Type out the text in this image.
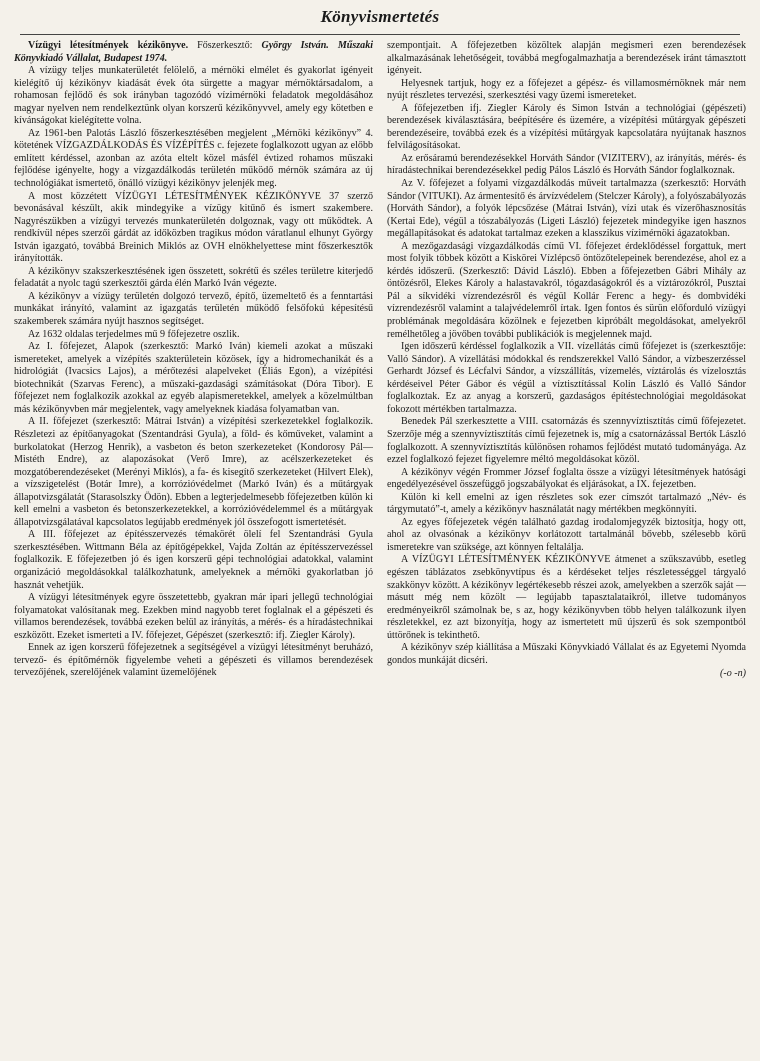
Könyvismertetés

Vízügyi létesítmények kézikönyve. Főszerkesztő: György István. Műszaki Könyvkiadó Vállalat, Budapest 1974.

A vízügy teljes munkaterületét felölelő, a mérnöki elmélet és gyakorlat igényeit kielégítő új kézikönyv kiadását évek óta sürgette a magyar mérnöktársadalom, a rohamosan fejlődő és sok irányban tagozódó vízimérnöki feladatok megoldásához magyar nyelven nem rendelkeztünk olyan korszerű kézikönyvvel, amely egy kötetben e kívánságokat kielégítette volna.

Az 1961-ben Palotás László főszerkesztésében megjelent „Mérnöki kézikönyv” 4. kötetének VÍZGAZDÁLKODÁS ÉS VÍZÉPÍTÉS c. fejezete foglalkozott ugyan az előbb említett kérdéssel, azonban az azóta eltelt közel másfél évtized rohamos műszaki fejlődése igényelte, hogy a vízgazdálkodás területén működő mérnök számára az új technológiákat ismertető, önálló vízügyi kézikönyv jelenjék meg.

A most közzétett VÍZÜGYI LÉTESÍTMÉNYEK KÉZIKÖNYVE 37 szerző bevonásával készült, akik mindegyike a vízügy kitűnő és ismert szakembere. Nagyrészükben a vízügyi tervezés munkaterületén dolgoznak, vagy ott működtek. A rendkívül népes szerzői gárdát az időközben tragikus módon váratlanul elhunyt György István igazgató, továbbá Breinich Miklós az OVH elnökhelyettese mint főszerkesztők irányították.

A kézikönyv szakszerkesztésének igen összetett, sokrétű és széles területre kiterjedő feladatát a nyolc tagú szerkesztői gárda élén Markó Iván végezte.

A kézikönyv a vízügy területén dolgozó tervező, építő, üzemeltető és a fenntartási munkákat irányító, valamint az igazgatás területén működő felsőfokú képesítésű szakemberek számára nyújt hasznos segítséget.

Az 1632 oldalas terjedelmes mű 9 főfejezetre oszlik.

Az I. főfejezet, Alapok (szerkesztő: Markó Iván) kiemeli azokat a műszaki ismereteket, amelyek a vízépítés szakterületein közösek, így a hidromechanikát és a hidrológiát (Ivacsics Lajos), a mérőtezési alapelveket (Éliás Egon), a vízépítési biotechnikát (Szarvas Ferenc), a műszaki-gazdasági számításokat (Dóra Tibor). E főfejezet nem foglalkozik azokkal az egyéb alapismeretekkel, amelyek a közelmúltban más kézikönyvben már megjelentek, vagy amelyeknek kiadása folyamatban van.

A II. főfejezet (szerkesztő: Mátrai István) a vízépítési szerkezetekkel foglalkozik. Részletezi az építőanyagokat (Szentandrási Gyula), a föld- és kőműveket, valamint a burkolatokat (Herzog Henrik), a vasbeton és beton szerkezeteket (Kondorosy Pál—Mistéth Endre), az alapozásokat (Verő Imre), az acélszerkezeteket és mozgatóberendezéseket (Merényi Miklós), a fa- és kisegítő szerkezeteket (Hilvert Elek), a vízszigetelést (Botár Imre), a korrózióvédelmet (Markó Iván) és a műtárgyak állapotvizsgálatát (Starasolszky Ödön). Ebben a legterjedelmesebb főfejezetben külön ki kell emelni a vasbeton és betonszerkezetekkel, a korrózióvédelemmel és a műtárgyak állapotvizsgálatával kapcsolatos legújabb eredmények jól összefogott ismertetését.

A III. főfejezet az építésszervezés témakörét ölelí fel Szentandrási Gyula szerkesztésében. Wittmann Béla az építőgépekkel, Vajda Zoltán az építésszervezéssel foglalkozik. E főfejezetben jó és igen korszerű gépi technológiai adatokkal, valamint organizáció megoldásokkal találkozhatunk, amelyeknek a mérnöki gyakorlatban jó hasznát vehetjük.

A vízügyi létesítmények egyre összetettebb, gyakran már ipari jellegű technológiai folyamatokat valósítanak meg. Ezekben mind nagyobb teret foglalnak el a gépészeti és villamos berendezések, továbbá ezeken belül az irányítás, a mérés- és a híradástechnikai eszközött. Ezeket ismerteti a IV. főfejezet, Gépészet (szerkesztő: ifj. Ziegler Károly).

Ennek az igen korszerű főfejezetnek a segítségével a vízügyi létesítményt beruházó, tervező- és építőmérnök figyelembe veheti a gépészeti és villamos berendezések tervezőjének, szerelőjének valamint üzemelőjének

szempontjait. A főfejezetben közöltek alapján megismeri ezen berendezések alkalmazásának lehetőségeit, továbbá megfogalmazhatja a berendezések iránt támasztott igényeit.

Helyesnek tartjuk, hogy ez a főfejezet a gépész- és villamosmérnöknek már nem nyújt részletes tervezési, szerkesztési vagy üzemi ismereteket.

A főfejezetben ifj. Ziegler Károly és Simon István a technológiai (gépészeti) berendezések kiválasztására, beépítésére és üzemére, a vízépítési műtárgyak gépészeti berendezéseire, továbbá ezek és a vízépítési műtárgyak kapcsolatára nyújtanak hasznos felvilágosításokat.

Az erősáramú berendezésekkel Horváth Sándor (VIZITERV), az irányítás, mérés- és híradástechnikai berendezésekkel pedig Pálos László és Horváth Sándor foglalkoznak.

Az V. főfejezet a folyami vízgazdálkodás műveit tartalmazza (szerkesztő: Horváth Sándor (VITUKI). Az ármentesítő és árvízvédelem (Stelczer Károly), a folyószabályozás (Horváth Sándor), a folyók lépcsőzése (Mátrai István), vízi utak és vízerőhasznosítás (Kertai Ede), végül a tószabályozás (Ligeti László) fejezetek mindegyike igen hasznos megállapításokat és adatokat tartalmaz ezeken a klasszikus vízimérnöki ágazatokban.

A mezőgazdasági vízgazdálkodás című VI. főfejezet érdeklődéssel forgattuk, mert most folyik többek között a Kiskörei Vízlépcső öntözőtelepeinek berendezése, ahol ez a kérdés időszerű. (Szerkesztő: Dávid László). Ebben a főfejezetben Gábri Mihály az öntözésről, Elekes Károly a halastavakról, tógazdaságokról és a víztározókról, Pusztai Pál a síkvidéki vízrendezésről és végül Kollár Ferenc a hegy- és dombvidéki vízrendezésről valamint a talajvédelemről írtak. Igen fontos és sürün előforduló vízügyi problémának megoldására közölnek e fejezetben kipróbált megoldásokat, amelyekről remélhetőleg a jövőben további publikációk is megjelennek majd.

Igen időszerű kérdéssel foglalkozik a VII. vízellátás című főfejezet is (szerkesztője: Valló Sándor). A vízellátási módokkal és rendszerekkel Valló Sándor, a vízbeszerzéssel Gerhardt József és Lécfalvi Sándor, a vízszállítás, vízemelés, víztárolás és vízelosztás kérdéseivel Péter Gábor és végül a víztisztítással Kolin László és Valló Sándor foglalkoztak. Ez az anyag a korszerű, gazdaságos építéstechnológiai megoldásokat fokozott mértékben tartalmazza.

Benedek Pál szerkesztette a VIII. csatornázás és szennyvíztisztítás című főfejezetet. Szerzője még a szennyvíztisztítás című fejezetnek is, míg a csatornázással Bertók László foglalkozott. A szennyvíztisztítás különösen rohamos fejlődést mutató tudományága. Az ezzel foglalkozó fejezet figyelemre méltó megoldásokat közöl.

A kézikönyv végén Frommer József foglalta össze a vízügyi létesítmények hatósági engedélyezésével összefüggő jogszabályokat és eljárásokat, a IX. fejezetben.

Külön ki kell emelni az igen részletes sok ezer címszót tartalmazó „Név- és tárgymutató”-t, amely a kézikönyv használatát nagy mértékben megkönnyíti.

Az egyes főfejezetek végén található gazdag irodalomjegyzék biztosítja, hogy ott, ahol az olvasónak a kézikönyv korlátozott tartalmánál bővebb, szélesebb körű ismeretekre van szüksége, azt könnyen feltalálja.

A VÍZÜGYI LÉTESÍTMÉNYEK KÉZIKÖNYVE átmenet a szűkszavúbb, esetleg egészen táblázatos zsebkönyvtípus és a kérdéseket teljes részletességgel tárgyaló szakkönyv között. A kézikönyv legértékesebb részei azok, amelyekben a szerzők saját — másutt még nem közölt — legújabb tapasztalataikról, illetve tudományos eredményeikről számolnak be, s az, hogy kézikönyvben több helyen találkozunk ilyen részletekkel, ez azt bizonyítja, hogy az ismertetett mű újszerű és sok szempontból úttörőnek is tekinthető.

A kézikönyv szép kiállítása a Műszaki Könyvkiadó Vállalat és az Egyetemi Nyomda gondos munkáját dicséri.

(-o -n)
